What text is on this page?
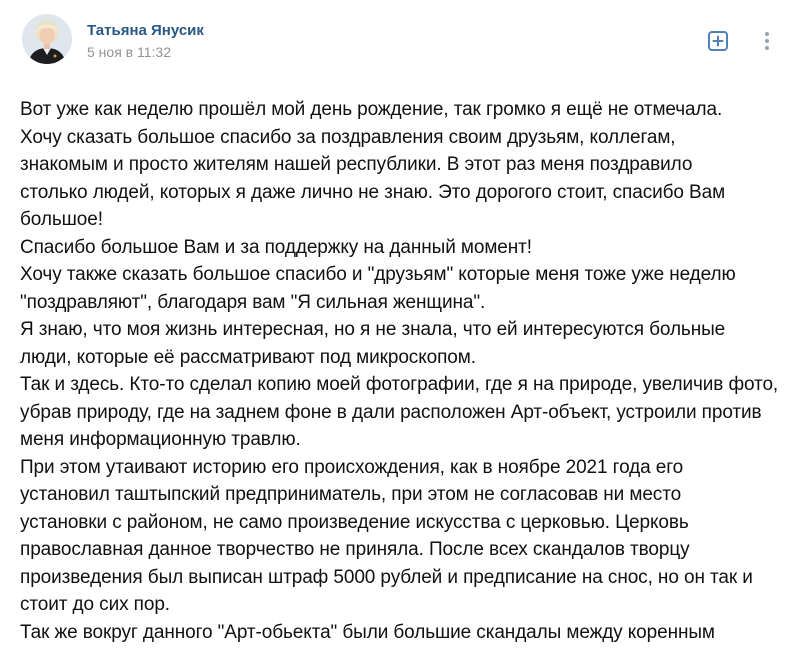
Татьяна Янусик
5 ноя в 11:32
Вот уже как неделю прошёл мой день рождение, так громко я ещё не отмечала.
Хочу сказать большое спасибо за поздравления своим друзьям, коллегам,
знакомым и просто жителям нашей республики. В этот раз меня поздравило
столько людей, которых я даже лично не знаю. Это дорогого стоит, спасибо Вам
большое!
Спасибо большое Вам и за поддержку на данный момент!
Хочу также сказать большое спасибо и "друзьям" которые меня тоже уже неделю
"поздравляют", благодаря вам "Я сильная женщина".
Я знаю, что моя жизнь интересная, но я не знала, что ей интересуются больные
люди, которые её рассматривают под микроскопом.
Так и здесь. Кто-то сделал копию моей фотографии, где я на природе, увеличив фото,
убрав природу, где на заднем фоне в дали расположен Арт-объект, устроили против
меня информационную травлю.
При этом утаивают историю его происхождения, как в ноябре 2021 года его
установил таштыпский предприниматель, при этом не согласовав ни место
установки с районом, не само произведение искусства с церковью. Церковь
православная данное творчество не приняла. После всех скандалов творцу
произведения был выписан штраф 5000 рублей и предписание на снос, но он так и
стоит до сих пор.
Так же вокруг данного "Арт-обьекта" были большие скандалы между коренным
